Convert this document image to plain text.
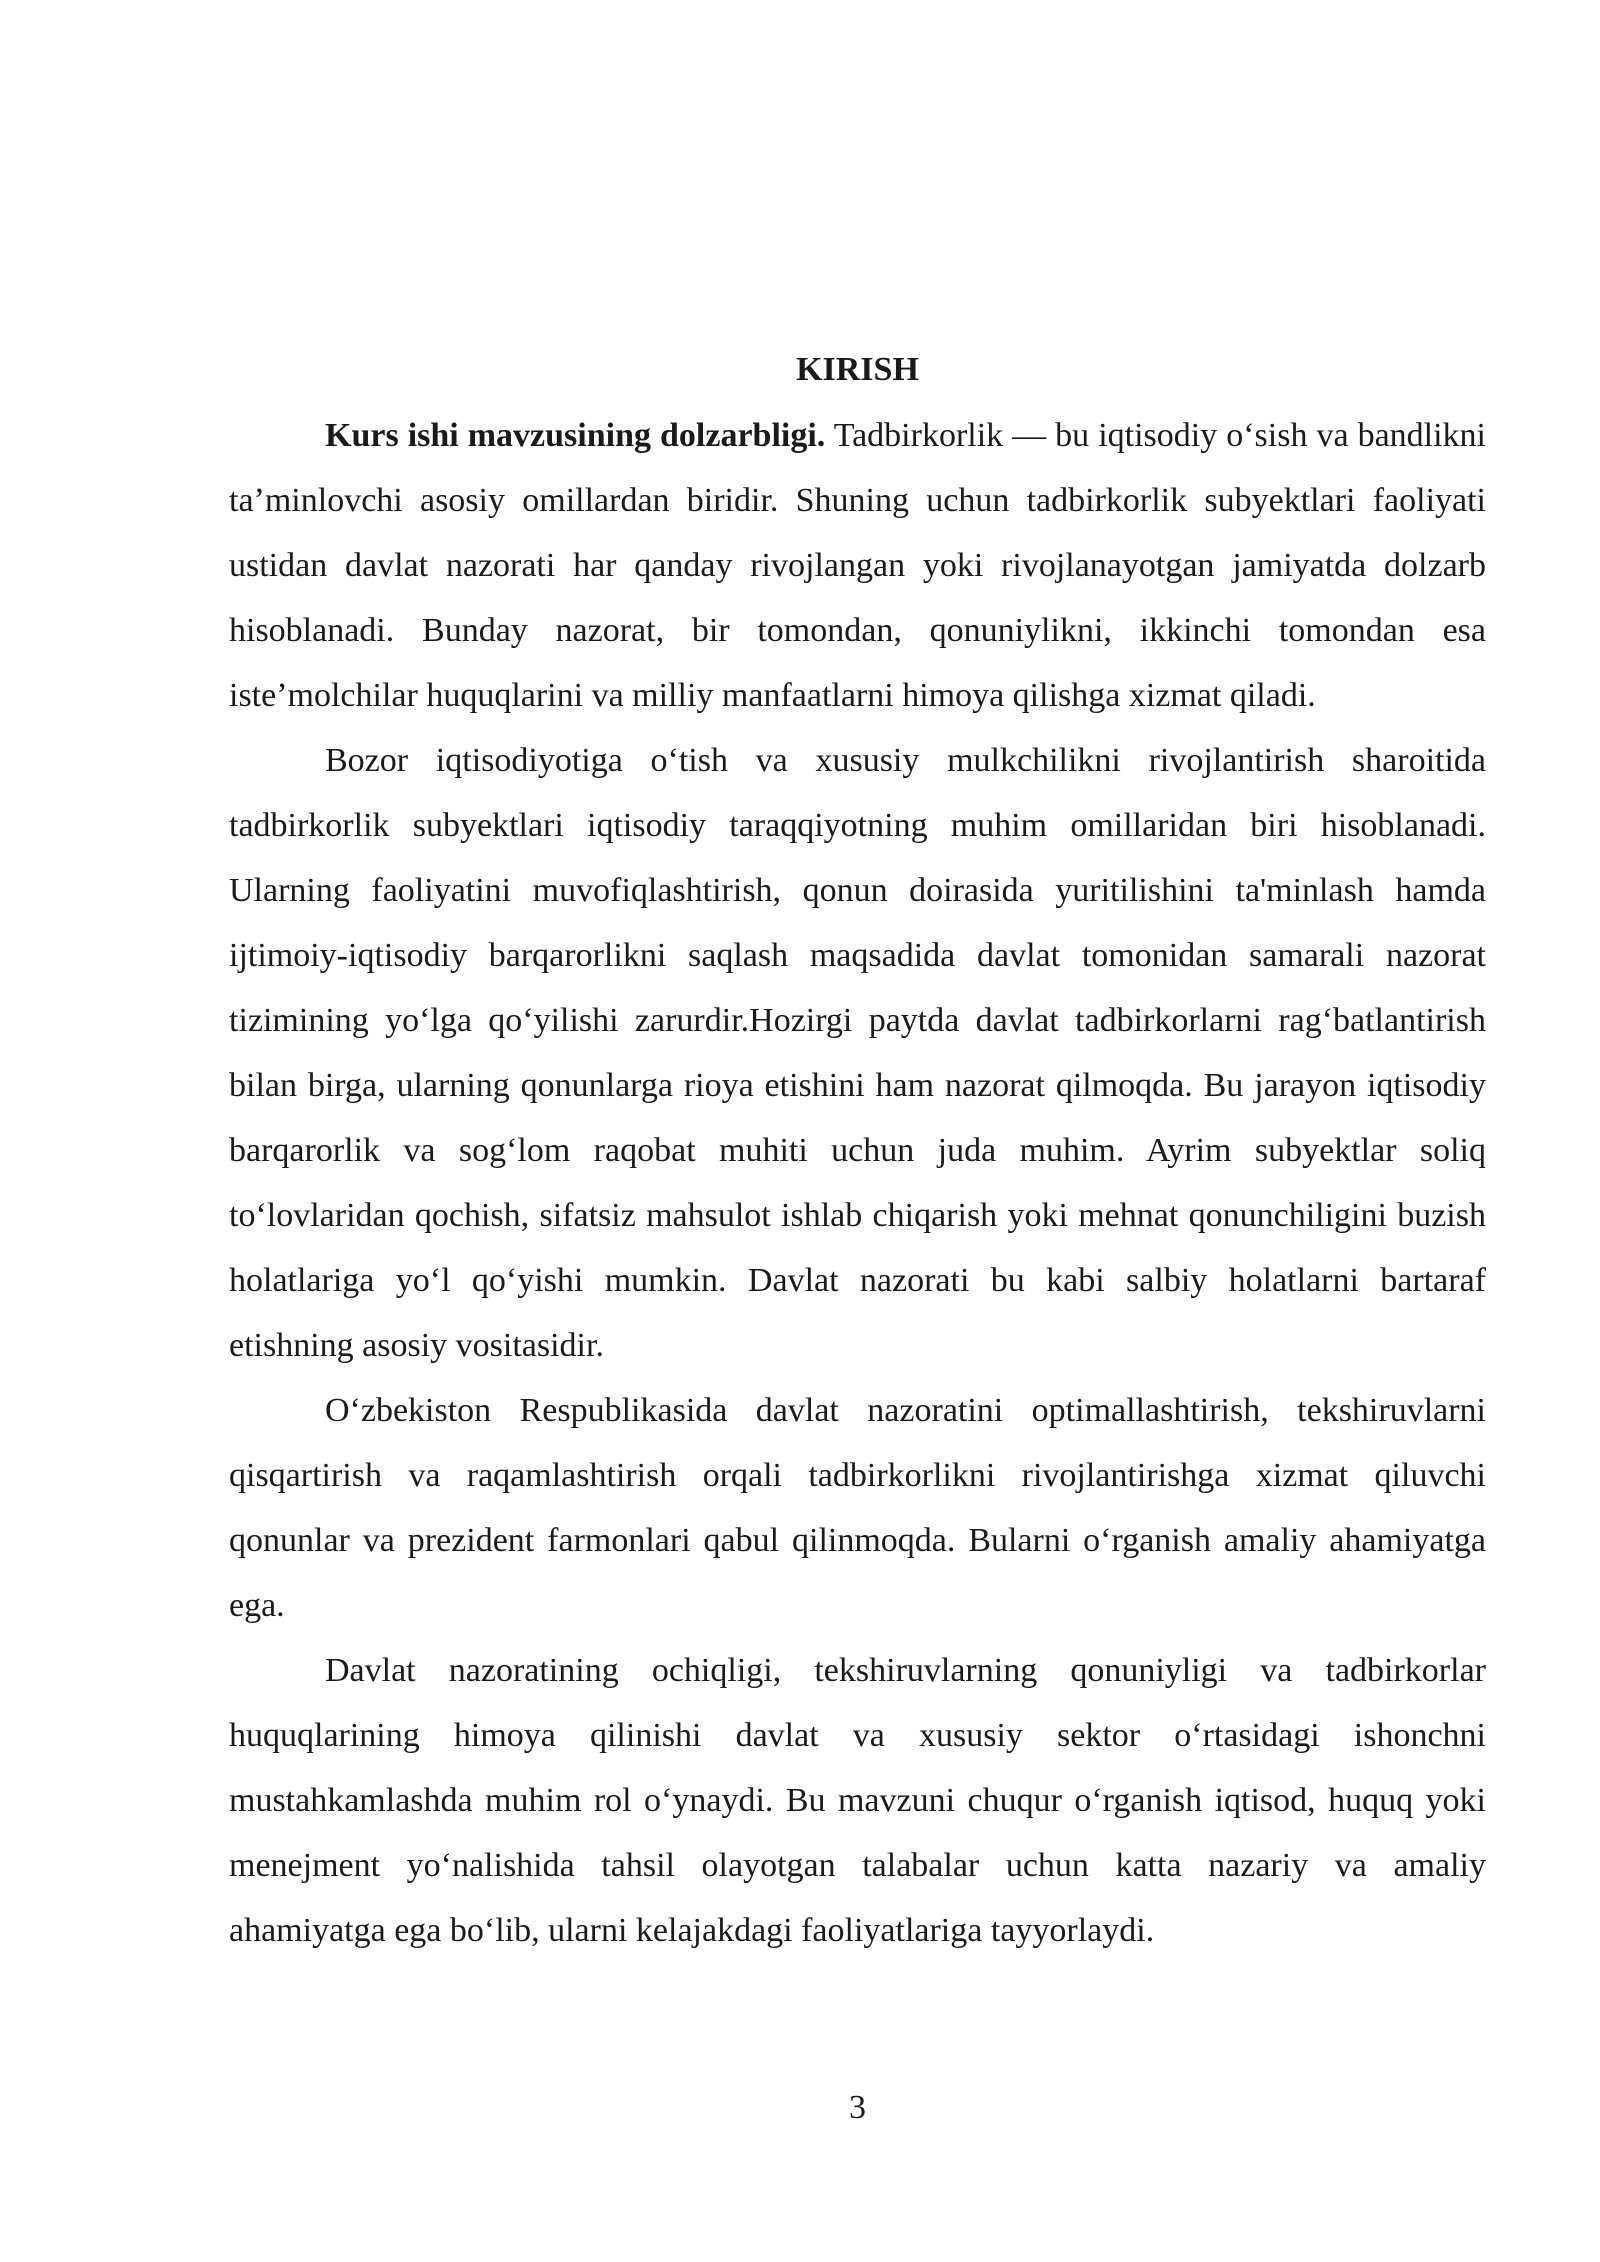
KIRISH

Kurs ishi mavzusining dolzarbligi. Tadbirkorlik — bu iqtisodiy oʻsish va bandlikni taʼminlovchi asosiy omillardan biridir. Shuning uchun tadbirkorlik subyektlari faoliyati ustidan davlat nazorati har qanday rivojlangan yoki rivojlanayotgan jamiyatda dolzarb hisoblanadi. Bunday nazorat, bir tomondan, qonuniylikni, ikkinchi tomondan esa isteʼmolchilar huquqlarini va milliy manfaatlarni himoya qilishga xizmat qiladi.

Bozor iqtisodiyotiga oʻtish va xususiy mulkchilikni rivojlantirish sharoitida tadbirkorlik subyektlari iqtisodiy taraqqiyotning muhim omillaridan biri hisoblanadi. Ularning faoliyatini muvofiqlashtirish, qonun doirasida yuritilishini ta'minlash hamda ijtimoiy-iqtisodiy barqarorlikni saqlash maqsadida davlat tomonidan samarali nazorat tizimining yoʻlga qoʻyilishi zarurdir.Hozirgi paytda davlat tadbirkorlarni ragʻbatlantirish bilan birga, ularning qonunlarga rioya etishini ham nazorat qilmoqda. Bu jarayon iqtisodiy barqarorlik va sogʻlom raqobat muhiti uchun juda muhim. Ayrim subyektlar soliq toʻlovlaridan qochish, sifatsiz mahsulot ishlab chiqarish yoki mehnat qonunchiligini buzish holatlariga yoʻl qoʻyishi mumkin. Davlat nazorati bu kabi salbiy holatlarni bartaraf etishning asosiy vositasidir.

Oʻzbekiston Respublikasida davlat nazoratini optimallashtirish, tekshiruvlarni qisqartirish va raqamlashtirish orqali tadbirkorlikni rivojlantirishga xizmat qiluvchi qonunlar va prezident farmonlari qabul qilinmoqda. Bularni oʻrganish amaliy ahamiyatga ega.

Davlat nazoratining ochiqligi, tekshiruvlarning qonuniyligi va tadbirkorlar huquqlarining himoya qilinishi davlat va xususiy sektor oʻrtasidagi ishonchni mustahkamlashda muhim rol oʻynaydi. Bu mavzuni chuqur oʻrganish iqtisod, huquq yoki menejment yoʻnalishida tahsil olayotgan talabalar uchun katta nazariy va amaliy ahamiyatga ega boʻlib, ularni kelajakdagi faoliyatlariga tayyorlaydi.

3
